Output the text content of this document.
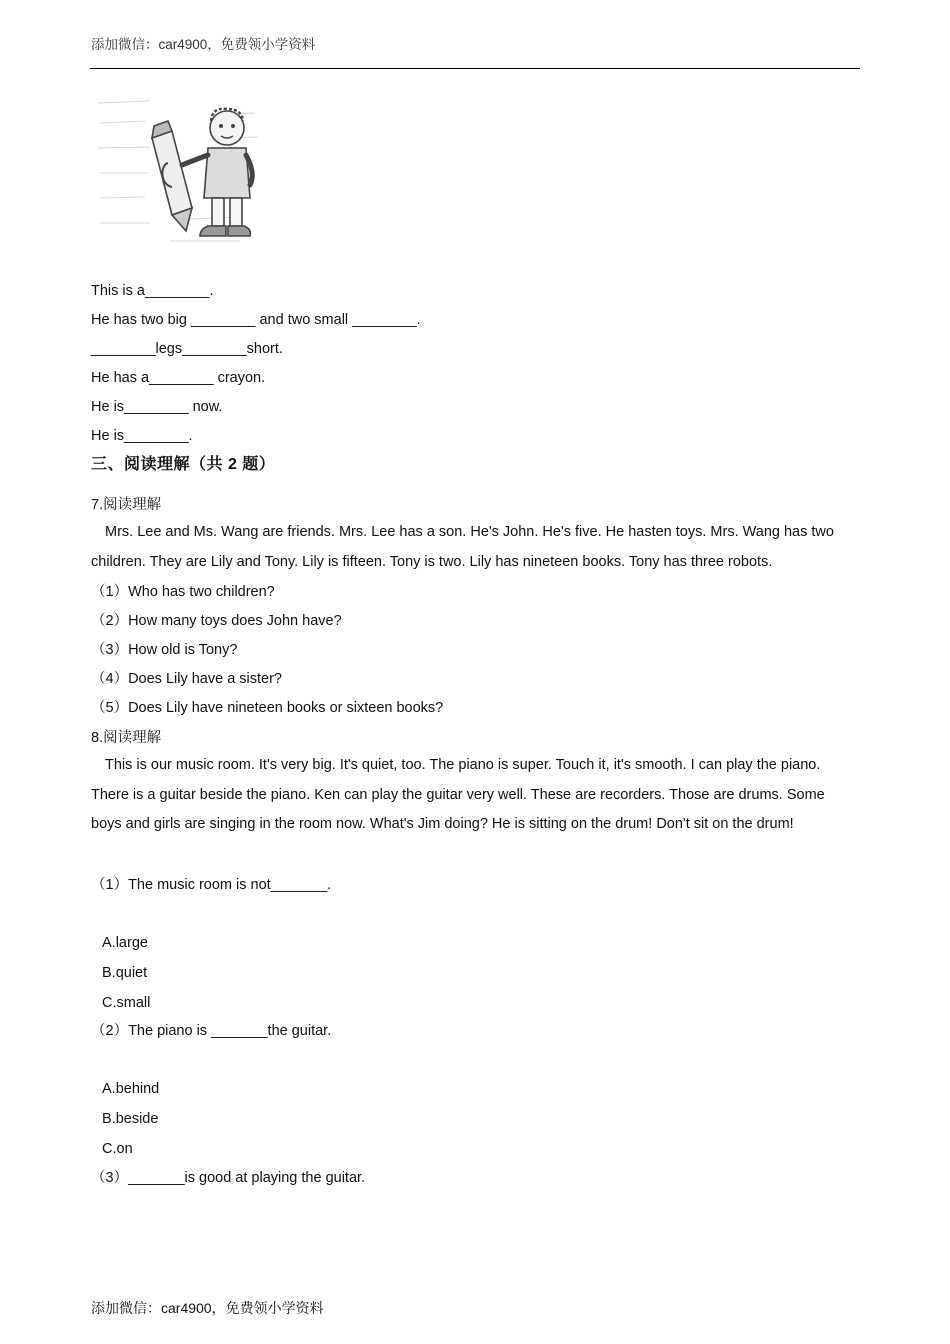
添加微信：car4900，免费领小学资料
This is a________.
He has two big ________ and two small ________.
________legs________short.
He has a________ crayon.
He is________ now.
He is________.
三、阅读理解（共 2 题）
7.阅读理解
Mrs. Lee and Ms. Wang are friends. Mrs. Lee has a son. He's John. He's five. He hasten toys. Mrs. Wang has two children. They are Lily and Tony. Lily is fifteen. Tony is two. Lily has nineteen books. Tony has three robots.
（1）Who has two children?
（2）How many toys does John have?
（3）How old is Tony?
（4）Does Lily have a sister?
（5）Does Lily have nineteen books or sixteen books?
8.阅读理解
This is our music room. It's very big. It's quiet, too. The piano is super. Touch it, it's smooth. I can play the piano. There is a guitar beside the piano. Ken can play the guitar very well. These are recorders. Those are drums. Some boys and girls are singing in the room now. What's Jim doing? He is sitting on the drum! Don't sit on the drum!
（1）The music room is not_______.
A.large
B.quiet
C.small
（2）The piano is _______the guitar.
A.behind
B.beside
C.on
（3）_______is good at playing the guitar.
添加微信：car4900，免费领小学资料
